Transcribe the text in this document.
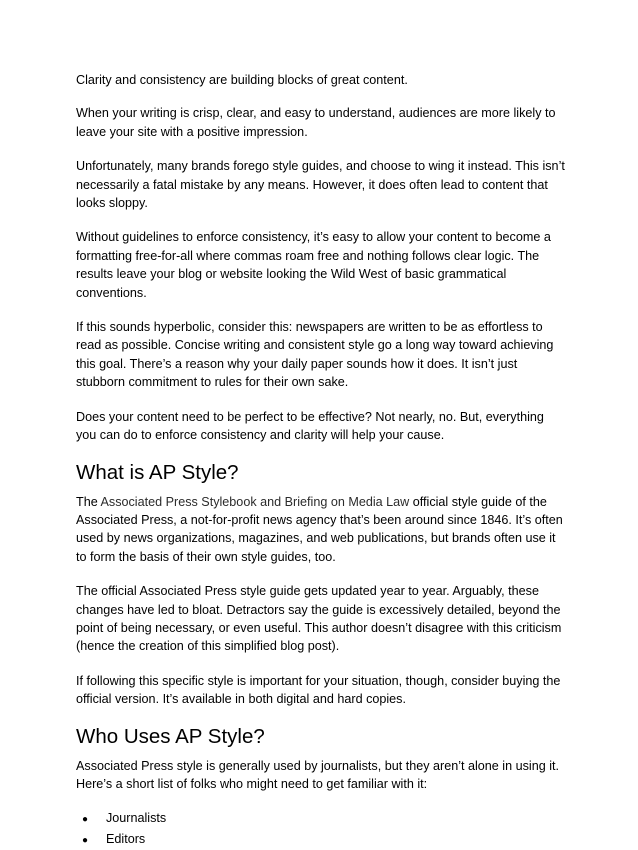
Clarity and consistency are building blocks of great content.

When your writing is crisp, clear, and easy to understand, audiences are more likely to leave your site with a positive impression.

Unfortunately, many brands forego style guides, and choose to wing it instead. This isn’t necessarily a fatal mistake by any means. However, it does often lead to content that looks sloppy.

Without guidelines to enforce consistency, it’s easy to allow your content to become a formatting free-for-all where commas roam free and nothing follows clear logic. The results leave your blog or website looking the Wild West of basic grammatical conventions.

If this sounds hyperbolic, consider this: newspapers are written to be as effortless to read as possible. Concise writing and consistent style go a long way toward achieving this goal. There’s a reason why your daily paper sounds how it does. It isn’t just stubborn commitment to rules for their own sake.

Does your content need to be perfect to be effective? Not nearly, no. But, everything you can do to enforce consistency and clarity will help your cause.

What is AP Style?

The Associated Press Stylebook and Briefing on Media Law official style guide of the Associated Press, a not-for-profit news agency that’s been around since 1846. It’s often used by news organizations, magazines, and web publications, but brands often use it to form the basis of their own style guides, too.

The official Associated Press style guide gets updated year to year. Arguably, these changes have led to bloat. Detractors say the guide is excessively detailed, beyond the point of being necessary, or even useful. This author doesn’t disagree with this criticism (hence the creation of this simplified blog post).

If following this specific style is important for your situation, though, consider buying the official version. It’s available in both digital and hard copies.

Who Uses AP Style?

Associated Press style is generally used by journalists, but they aren’t alone in using it. Here’s a short list of folks who might need to get familiar with it:

●	Journalists
●	Editors
